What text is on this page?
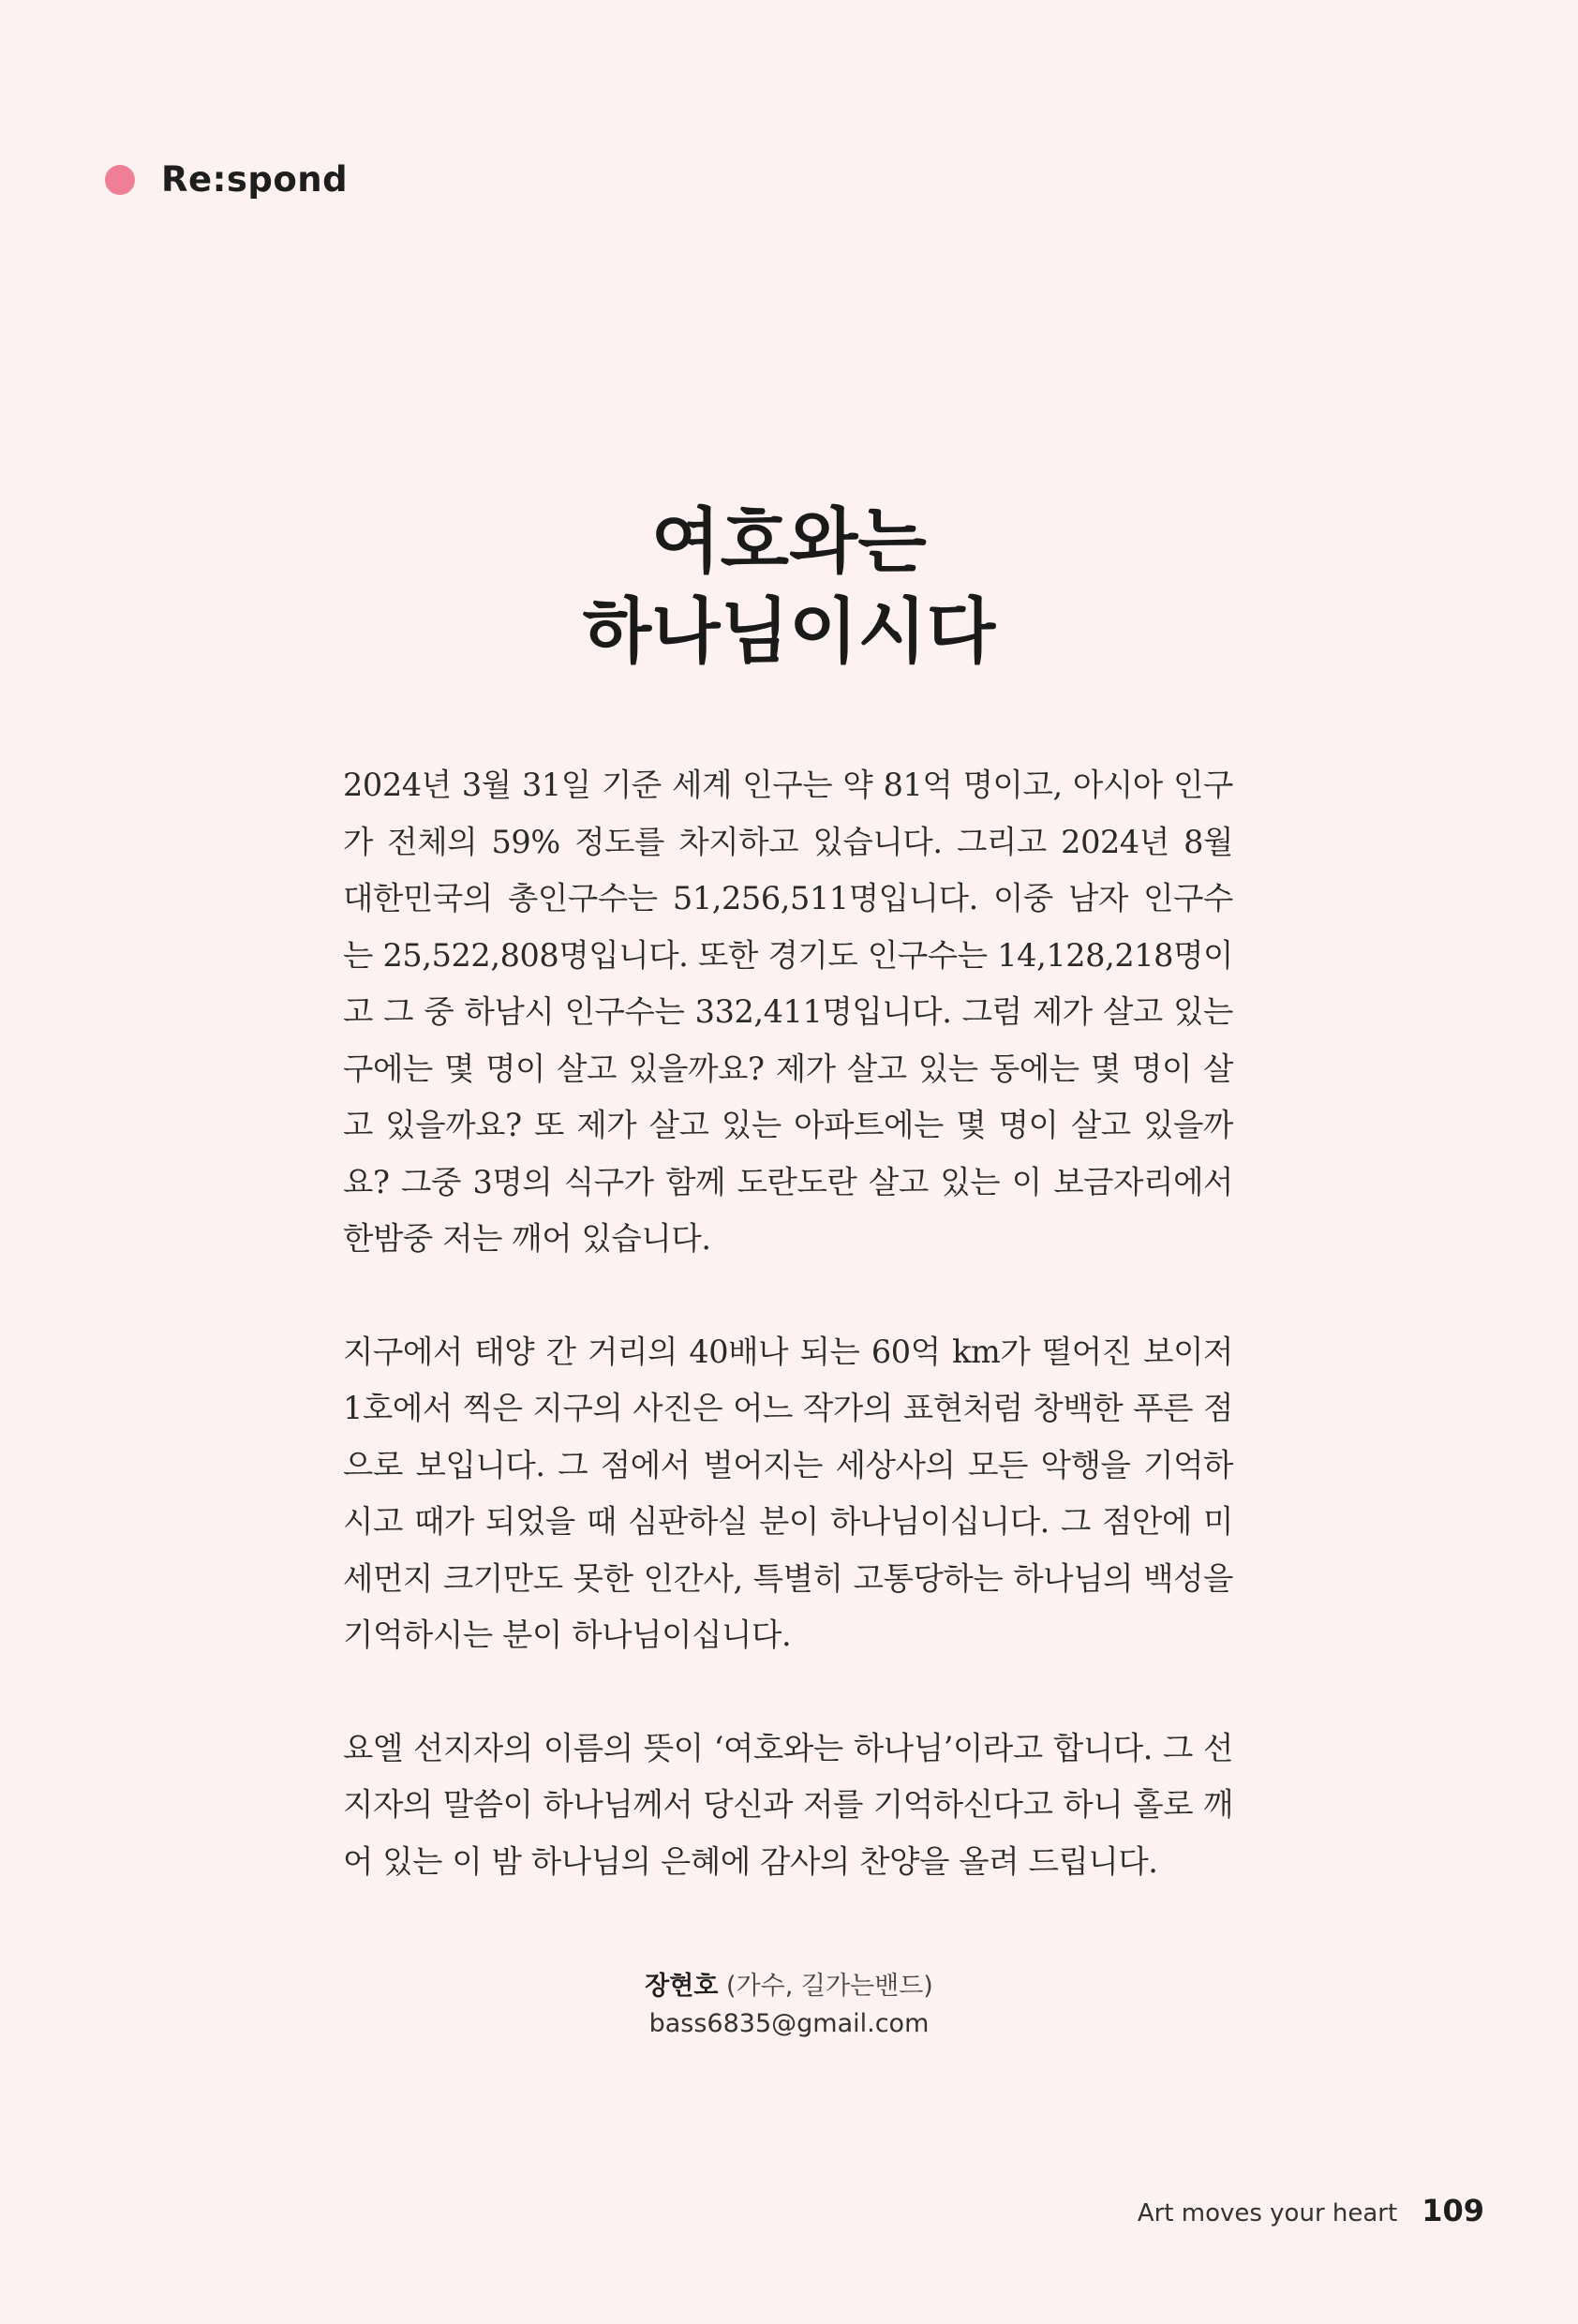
Re:spond
여호와는
하나님이시다

2024년 3월 31일 기준 세계 인구는 약 81억 명이고, 아시아 인구가 전체의 59% 정도를 차지하고 있습니다. 그리고 2024년 8월 대한민국의 총인구수는 51,256,511명입니다. 이중 남자 인구수는 25,522,808명입니다. 또한 경기도 인구수는 14,128,218명이고 그 중 하남시 인구수는 332,411명입니다. 그럼 제가 살고 있는 구에는 몇 명이 살고 있을까요? 제가 살고 있는 동에는 몇 명이 살고 있을까요? 또 제가 살고 있는 아파트에는 몇 명이 살고 있을까요? 그중 3명의 식구가 함께 도란도란 살고 있는 이 보금자리에서 한밤중 저는 깨어 있습니다.

지구에서 태양 간 거리의 40배나 되는 60억 km가 떨어진 보이저 1호에서 찍은 지구의 사진은 어느 작가의 표현처럼 창백한 푸른 점으로 보입니다. 그 점에서 벌어지는 세상사의 모든 악행을 기억하시고 때가 되었을 때 심판하실 분이 하나님이십니다. 그 점안에 미세먼지 크기만도 못한 인간사, 특별히 고통당하는 하나님의 백성을 기억하시는 분이 하나님이십니다.

요엘 선지자의 이름의 뜻이 ‘여호와는 하나님’이라고 합니다. 그 선지자의 말씀이 하나님께서 당신과 저를 기억하신다고 하니 홀로 깨어 있는 이 밤 하나님의 은혜에 감사의 찬양을 올려 드립니다.

장현호 (가수, 길가는밴드)
bass6835@gmail.com
Art moves your heart 109
